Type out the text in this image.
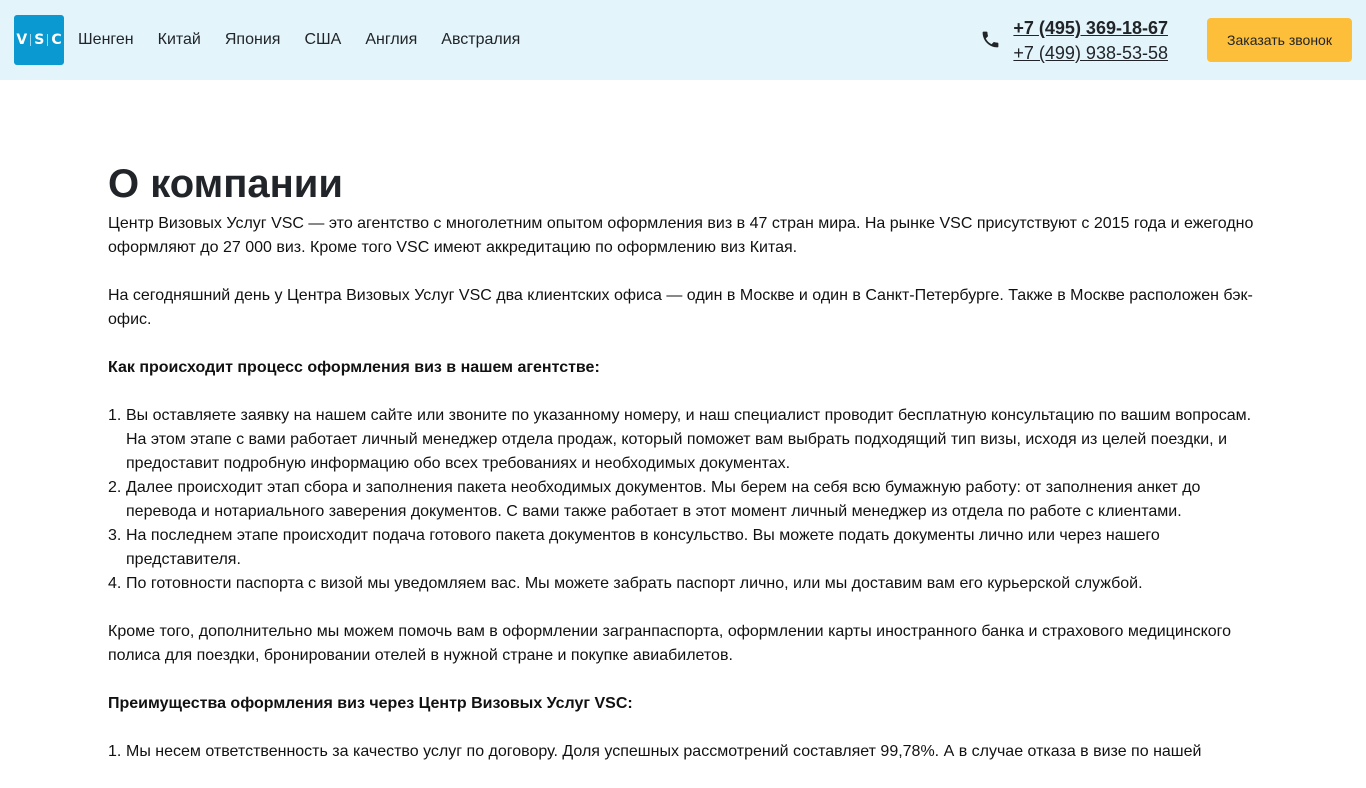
V S C Шенген Китай Япония США Англия Австралия
+7 (495) 369-18-67
+7 (499) 938-53-58
Заказать звонок
О компании

Центр Визовых Услуг VSC — это агентство с многолетним опытом оформления виз в 47 стран мира. На рынке VSC присутствуют с 2015 года и ежегодно оформляют до 27 000 виз. Кроме того VSC имеют аккредитацию по оформлению виз Китая.

На сегодняшний день у Центра Визовых Услуг VSC два клиентских офиса — один в Москве и один в Санкт-Петербурге. Также в Москве расположен бэк-офис.

Как происходит процесс оформления виз в нашем агентстве:

1. Вы оставляете заявку на нашем сайте или звоните по указанному номеру, и наш специалист проводит бесплатную консультацию по вашим вопросам. На этом этапе с вами работает личный менеджер отдела продаж, который поможет вам выбрать подходящий тип визы, исходя из целей поездки, и предоставит подробную информацию обо всех требованиях и необходимых документах.
2. Далее происходит этап сбора и заполнения пакета необходимых документов. Мы берем на себя всю бумажную работу: от заполнения анкет до перевода и нотариального заверения документов. С вами также работает в этот момент личный менеджер из отдела по работе с клиентами.
3. На последнем этапе происходит подача готового пакета документов в консульство. Вы можете подать документы лично или через нашего представителя.
4. По готовности паспорта с визой мы уведомляем вас. Мы можете забрать паспорт лично, или мы доставим вам его курьерской службой.

Кроме того, дополнительно мы можем помочь вам в оформлении загранпаспорта, оформлении карты иностранного банка и страхового медицинского полиса для поездки, бронировании отелей в нужной стране и покупке авиабилетов.

Преимущества оформления виз через Центр Визовых Услуг VSC:

1. Мы несем ответственность за качество услуг по договору. Доля успешных рассмотрений составляет 99,78%. А в случае отказа в визе по нашей
